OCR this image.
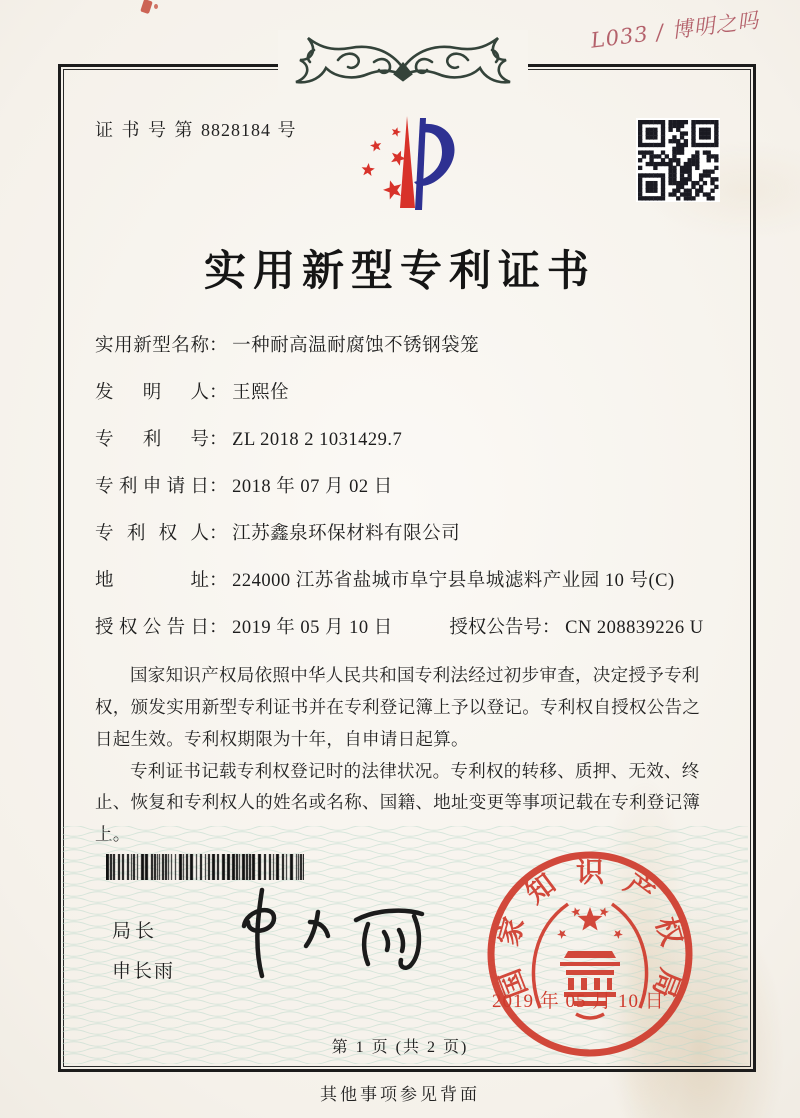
L033 / 博明之吗
证 书 号 第 8828184 号
实用新型专利证书
实用新型名称： 一种耐高温耐腐蚀不锈钢袋笼
发明人： 王熙佺
专利号： ZL 2018 2 1031429.7
专利申请日： 2018 年 07 月 02 日
专利权人： 江苏鑫泉环保材料有限公司
地址： 224000 江苏省盐城市阜宁县阜城滤料产业园 10 号(C)
授权公告日： 2019 年 05 月 10 日	授权公告号： CN 208839226 U

国家知识产权局依照中华人民共和国专利法经过初步审查，决定授予专利权，颁发实用新型专利证书并在专利登记簿上予以登记。专利权自授权公告之日起生效。专利权期限为十年，自申请日起算。

专利证书记载专利权登记时的法律状况。专利权的转移、质押、无效、终止、恢复和专利权人的姓名或名称、国籍、地址变更等事项记载在专利登记簿上。

局长
申长雨	国
家
知 识 产
权
局
2019 年 05 月 10 日
第 1 页 (共 2 页)
其他事项参见背面
